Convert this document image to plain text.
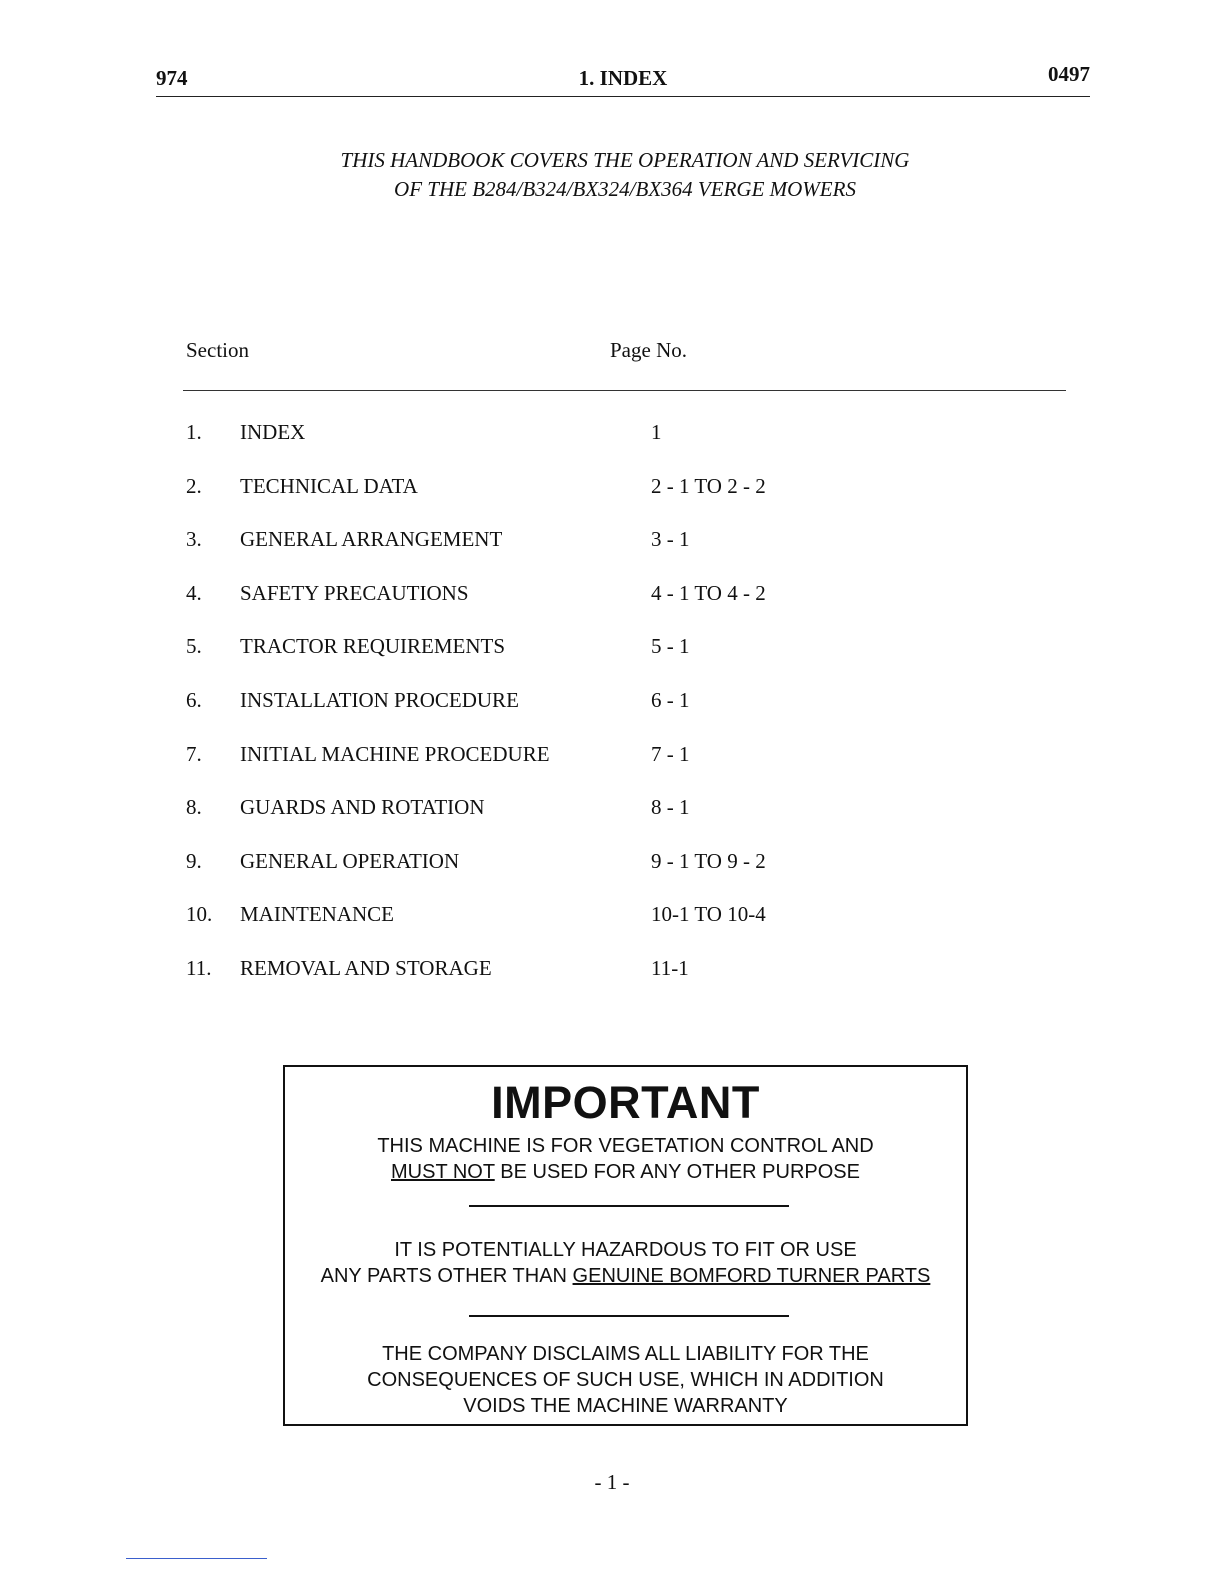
974	1. INDEX	0497
THIS HANDBOOK COVERS THE OPERATION AND SERVICING
OF THE B284/B324/BX324/BX364 VERGE MOWERS
Section	Page No.
1. INDEX	1
2. TECHNICAL DATA	2 - 1 TO 2 - 2
3. GENERAL ARRANGEMENT	3 - 1
4. SAFETY PRECAUTIONS	4 - 1 TO 4 - 2
5. TRACTOR REQUIREMENTS	5 - 1
6. INSTALLATION PROCEDURE	6 - 1
7. INITIAL MACHINE PROCEDURE	7 - 1
8. GUARDS AND ROTATION	8 - 1
9. GENERAL OPERATION	9 - 1 TO 9 - 2
10. MAINTENANCE	10-1 TO 10-4
11. REMOVAL AND STORAGE	11-1
IMPORTANT
THIS MACHINE IS FOR VEGETATION CONTROL AND
MUST NOT BE USED FOR ANY OTHER PURPOSE
IT IS POTENTIALLY HAZARDOUS TO FIT OR USE
ANY PARTS OTHER THAN GENUINE BOMFORD TURNER PARTS
THE COMPANY DISCLAIMS ALL LIABILITY FOR THE
CONSEQUENCES OF SUCH USE, WHICH IN ADDITION
VOIDS THE MACHINE WARRANTY
- 1 -
